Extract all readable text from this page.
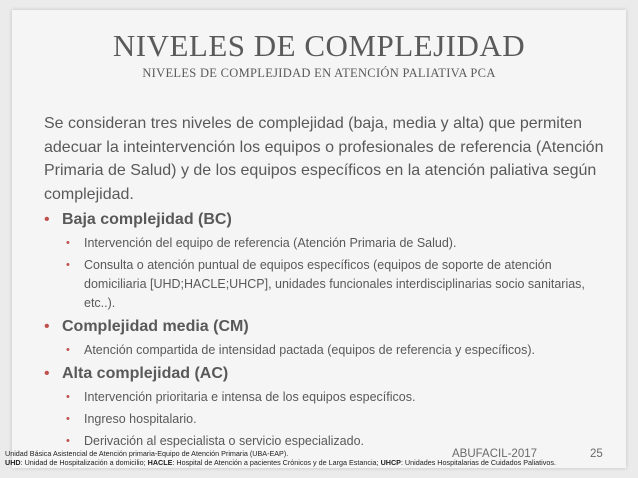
NIVELES DE COMPLEJIDAD
NIVELES DE COMPLEJIDAD EN ATENCIÓN PALIATIVA PCA

Se consideran tres niveles de complejidad (baja, media y alta) que permiten adecuar la inteintervención los equipos o profesionales de referencia (Atención Primaria de Salud) y de los equipos específicos en la atención paliativa según complejidad.

• Baja complejidad (BC)
• Intervención del equipo de referencia (Atención Primaria de Salud).
• Consulta o atención puntual de equipos específicos (equipos de soporte de atención domiciliaria [UHD;HACLE;UHCP], unidades funcionales interdisciplinarias socio sanitarias, etc..).
• Complejidad media (CM)
• Atención compartida de intensidad pactada (equipos de referencia y específicos).
• Alta complejidad (AC)
• Intervención prioritaria e intensa de los equipos específicos.
• Ingreso hospitalario.
• Derivación al especialista o servicio especializado.
Unidad Básica Asistencial de Atención primaria-Equipo de Atención Primaria (UBA-EAP).
UHD: Unidad de Hospitalización a domicilio; HACLE: Hospital de Atención a pacientes Crónicos y de Larga Estancia; UHCP: Unidades Hospitalarias de Cuidados Paliativos.
ABUFACIL-2017	25
